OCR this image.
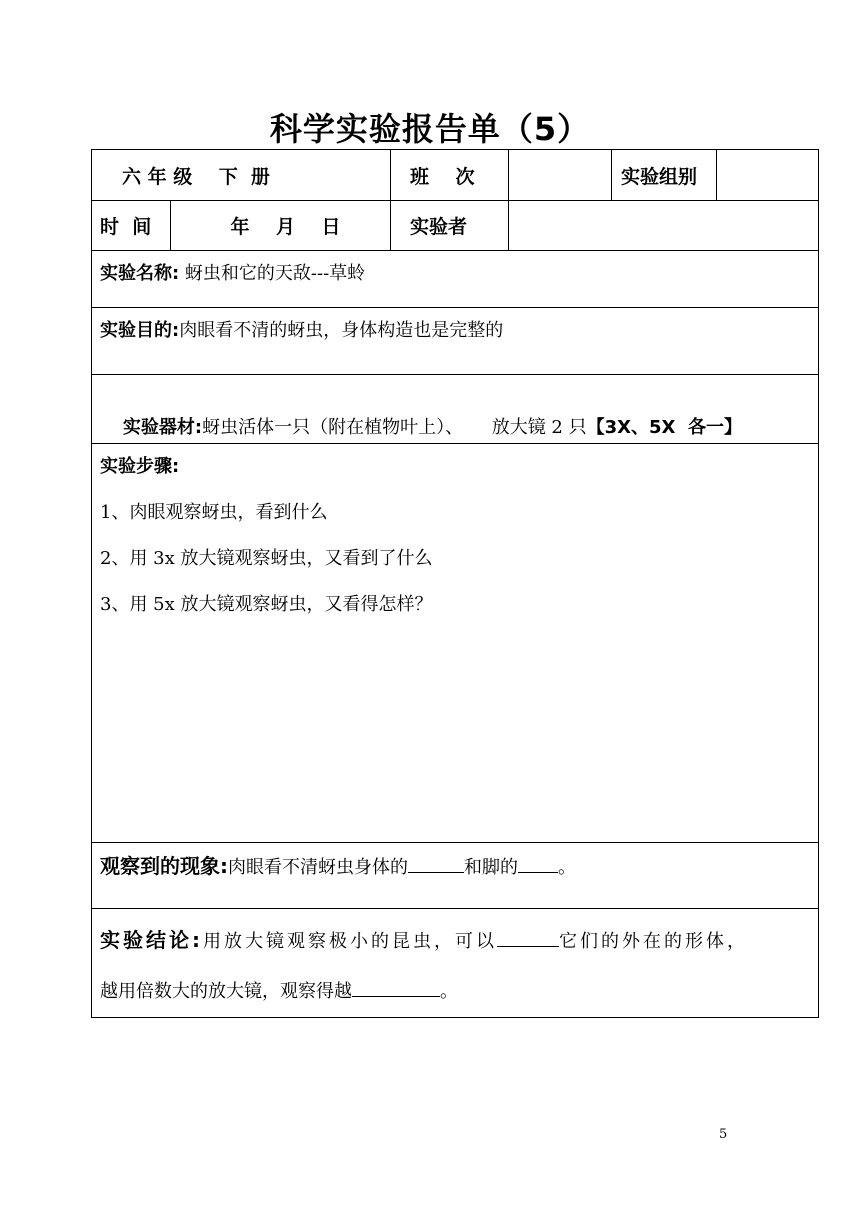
科学实验报告单（5）
六 年 级    下  册	班    次	实验组别
时  间	年    月    日	实验者
实验名称: 蚜虫和它的天敌---草蛉
实验目的:肉眼看不清的蚜虫，身体构造也是完整的

实验器材:蚜虫活体一只（附在植物叶上）、     放大镜 2 只【3X、5X  各一】

实验步骤:
1、肉眼观察蚜虫，看到什么
2、用 3x 放大镜观察蚜虫，又看到了什么
3、用 5x 放大镜观察蚜虫，又看得怎样？
观察到的现象:肉眼看不清蚜虫身体的	和脚的 。
实验结论:用放大镜观察极小的昆虫，可以	它们的外在的形体，
越用倍数大的放大镜，观察得越	。
5
